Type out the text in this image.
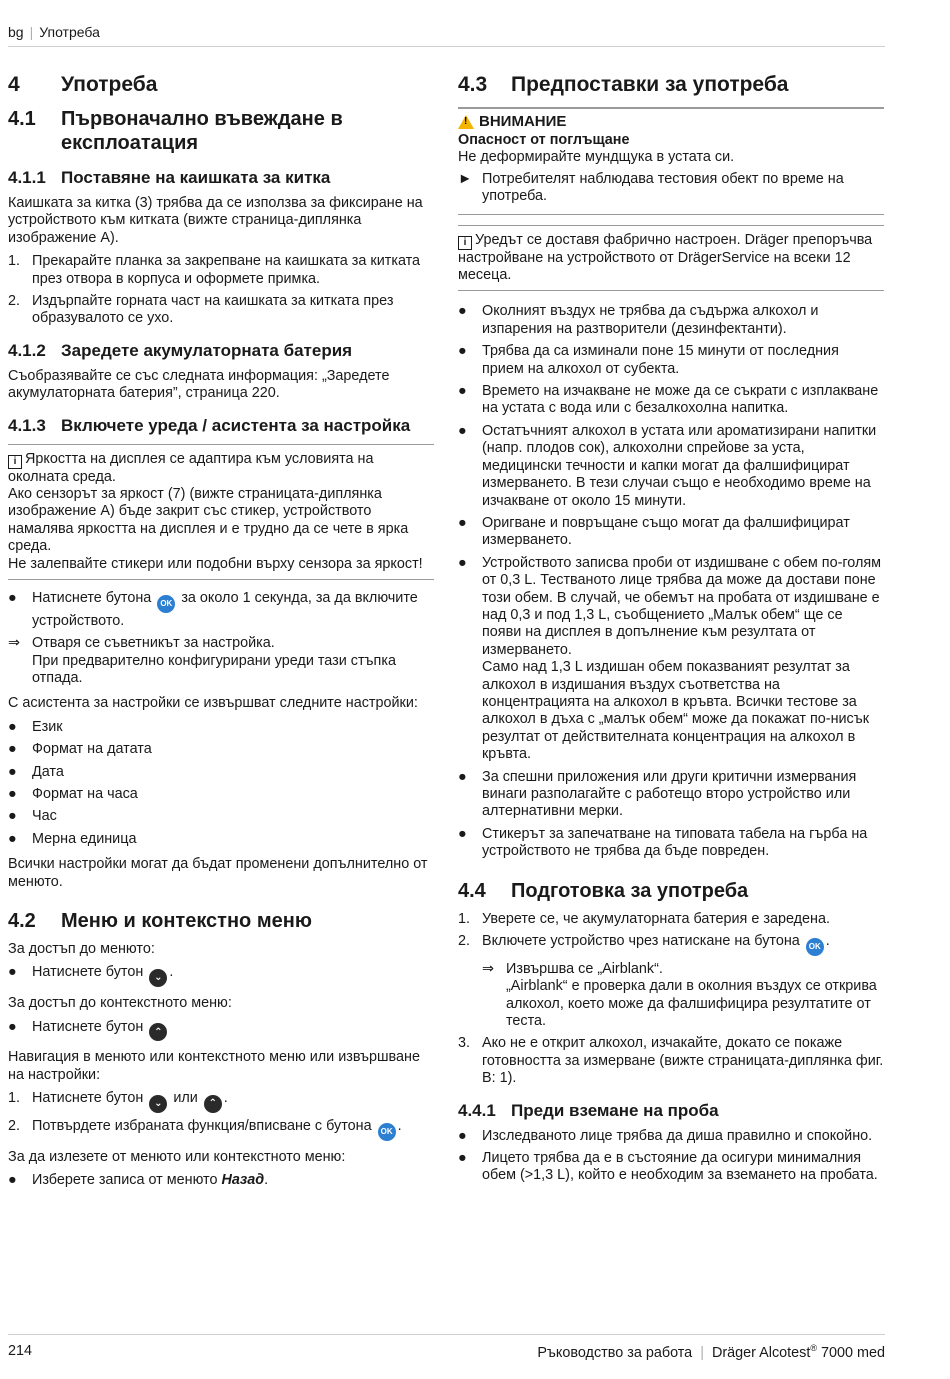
bg | Употреба
4	Употреба
4.1	Първоначално въвеждане в експлоатация
4.1.1 Поставяне на каишката за китка

Каишката за китка (3) трябва да се използва за фиксиране на устройството към китката (вижте страница-диплянка изображение A).

1. Прекарайте планка за закрепване на каишката за китката през отвора в корпуса и оформете примка.
2. Издърпайте горната част на каишката за китката през образувалото се ухо.
4.1.2 Заредете акумулаторната батерия

Съобразявайте се със следната информация: „Заредете акумулаторната батерия”, страница 220.

4.1.3 Включете уреда / асистента за настройка

i Яркостта на дисплея се адаптира към условията на околната среда.

Ако сензорът за яркост (7) (вижте страницата-диплянка изображение A) бъде закрит със стикер, устройството намалява яркостта на дисплея и е трудно да се чете в ярка среда.

Не залепвайте стикери или подобни върху сензора за яркост!

●	Натиснете бутона OK за около 1 секунда, за да включите устройството.
⇒ Отваря се съветникът за настройка.
При предварително конфигурирани уреди тази стъпка отпада.

С асистента за настройки се извършват следните настройки:

●	Език
●	Формат на датата
●	Дата
●	Формат на часа
●	Час
●	Мерна единица

Всички настройки могат да бъдат променени допълнително от менюто.

4.2	Меню и контекстно меню

За достъп до менюто:

●	Натиснете бутон ⌄ .

За достъп до контекстното меню:

●	Натиснете бутон ⌃

Навигация в менюто или контекстното меню или извършване на настройки:

1. Натиснете бутон ⌄ или ⌃ .
2. Потвърдете избраната функция/вписване с бутона OK .

За да излезете от менюто или контекстното меню:

●	Изберете записа от менюто Назад.
4.3	Предпоставки за употреба
!
ВНИМАНИЕ

Опасност от поглъщане

Не деформирайте мундщука в устата си.

► Потребителят наблюдава тестовия обект по време на употреба.

i Уредът се доставя фабрично настроен. Dräger препоръчва настройване на устройството от DrägerService на всеки 12 месеца.

●	Околният въздух не трябва да съдържа алкохол и изпарения на разтворители (дезинфектанти).
●	Трябва да са изминали поне 15 минути от последния прием на алкохол от субекта.
●	Времето на изчакване не може да се съкрати с изплакване на устата с вода или с безалкохолна напитка.
●	Остатъчният алкохол в устата или ароматизирани напитки (напр. плодов сок), алкохолни спрейове за уста, медицински течности и капки могат да фалшифицират измерването. В тези случаи също е необходимо време на изчакване от около 15 минути.
●	Оригване и повръщане също могат да фалшифицират измерването.
●	Устройството записва проби от издишване с обем по-голям от 0,3 L. Тестваното лице трябва да може да достави поне този обем. В случай, че обемът на пробата от издишване е над 0,3 и под 1,3 L, съобщението „Малък обем“ ще се появи на дисплея в допълнение към резултата от измерването.
Само над 1,3 L издишан обем показваният резултат за алкохол в издишания въздух съответства на концентрацията на алкохол в кръвта. Всички тестове за алкохол в дъха с „малък обем“ може да покажат по-нисък резултат от действителната концентрация на алкохол в кръвта.
●	За спешни приложения или други критични измервания винаги разполагайте с работещо второ устройство или алтернативни мерки.
●	Стикерът за запечатване на типовата табела на гърба на устройството не трябва да бъде повреден.
4.4	Подготовка за употреба
1. Уверете се, че акумулаторната батерия е заредена.
2. Включете устройство чрез натискане на бутона OK .
⇒ Извършва се „Airblank“.
„Airblank“ е проверка дали в околния въздух се открива алкохол, което може да фалшифицира резултатите от теста.
3. Ако не е открит алкохол, изчакайте, докато се покаже готовността за измерване (вижте страницата-диплянка фиг. B: 1).
4.4.1 Преди вземане на проба
●	Изследваното лице трябва да диша правилно и спокойно.
●	Лицето трябва да е в състояние да осигури минималния обем (>1,3 L), който е необходим за вземането на пробата.
214	Ръководство за работа | Dräger Alcotest® 7000 med
